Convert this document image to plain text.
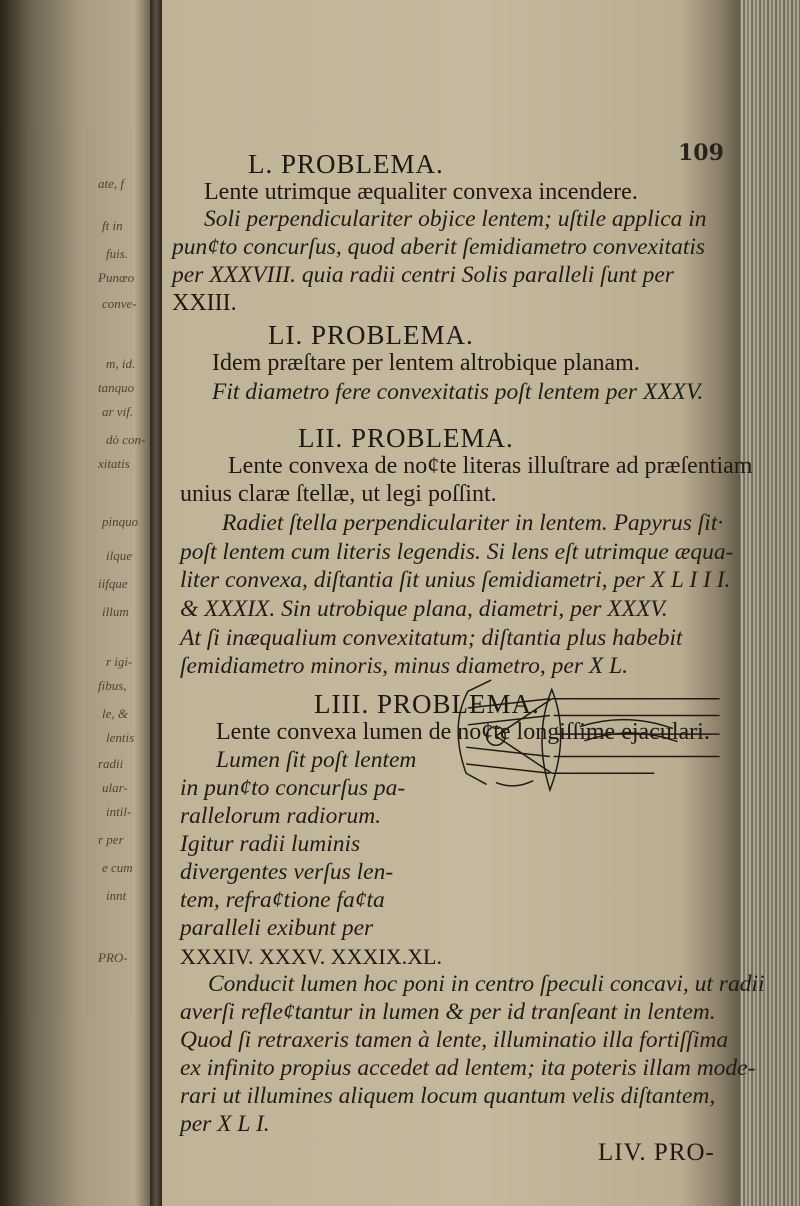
ate, f
ft in
fuis.
Punœo
conve-
m, id.
tanquo
ar vif.
dò con-
xitatis
pinquo
ilque
iifque
illum
r igi-
fibus,
le, &
lentis
radii
ular-
intil-
r per
e cum
innt
PRO-
109
L. PROBLEMA.
Lente utrimque æqualiter convexa incendere.
Soli perpendiculariter objice lentem; uſtile applica in
pun¢to concurſus, quod aberit ſemidiametro convexitatis
per XXXVIII. quia radii centri Solis paralleli ſunt per
XXIII.
LI. PROBLEMA.
Idem præſtare per lentem altrobique planam.
Fit diametro fere convexitatis poſt lentem per XXXV.
LII. PROBLEMA.
Lente convexa de no¢te literas illuſtrare ad præſentiam
unius claræ ſtellæ, ut legi poſſint.
Radiet ſtella perpendiculariter in lentem. Papyrus ſit·
poſt lentem cum literis legendis. Si lens eſt utrimque æqua-
liter convexa, diſtantia ſit unius ſemidiametri, per X L I I I.
& XXXIX. Sin utrobique plana, diametri, per XXXV.
At ſi inæqualium convexitatum; diſtantia plus habebit
ſemidiametro minoris, minus diametro, per X L.
LIII. PROBLEMA.
Lente convexa lumen de no¢te longiſſime ejaculari.
Lumen ſit poſt lentem
in pun¢to concurſus pa-
rallelorum radiorum.
Igitur radii luminis
divergentes verſus len-
tem, refra¢tione fa¢ta
paralleli exibunt per
XXXIV. XXXV. XXXIX.XL.
Conducit lumen hoc poni in centro ſpeculi concavi, ut radii
averſi refle¢tantur in lumen & per id tranſeant in lentem.
Quod ſi retraxeris tamen à lente, illuminatio illa fortiſſima
ex infinito propius accedet ad lentem; ita poteris illam mode-
rari ut illumines aliquem locum quantum velis diſtantem,
per X L I.
LIV. PRO-
